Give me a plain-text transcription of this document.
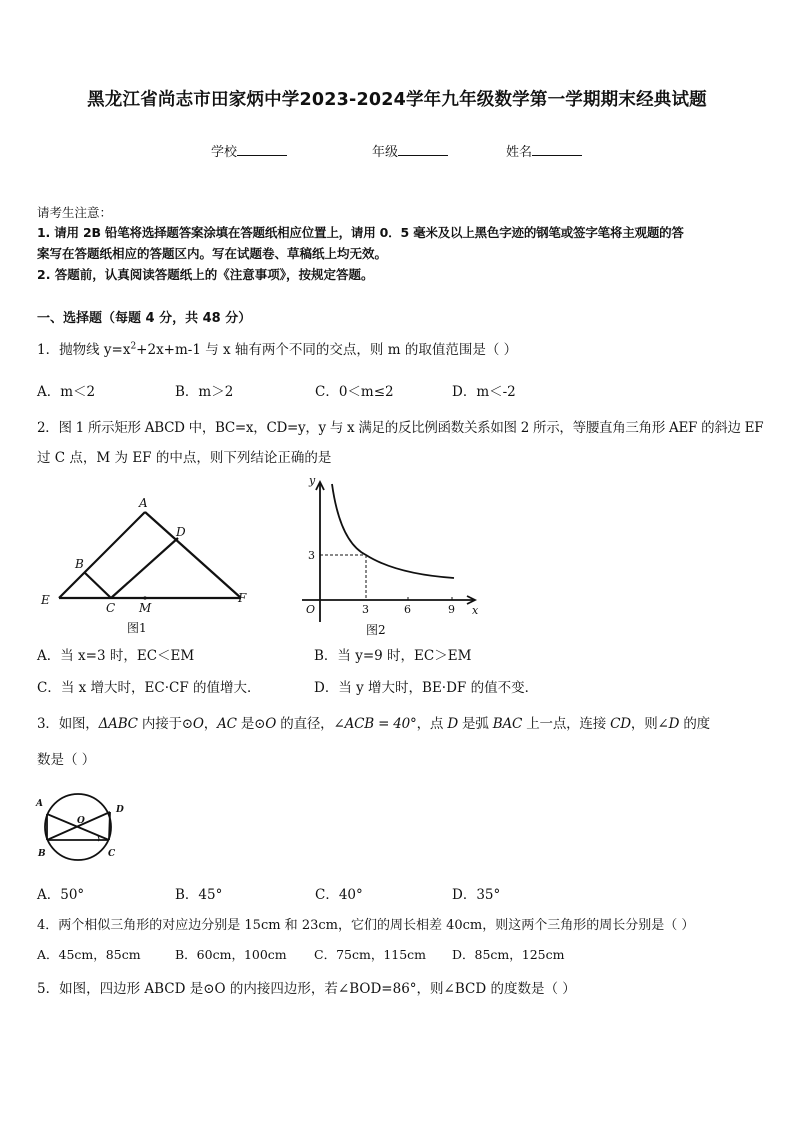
黑龙江省尚志市田家炳中学2023-2024学年九年级数学第一学期期末经典试题
学校	年级	姓名
请考生注意：
1. 请用 2B 铅笔将选择题答案涂填在答题纸相应位置上，请用 0．5 毫米及以上黑色字迹的钢笔或签字笔将主观题的答
案写在答题纸相应的答题区内。写在试题卷、草稿纸上均无效。
2. 答题前，认真阅读答题纸上的《注意事项》，按规定答题。
一、选择题（每题 4 分，共 48 分）
1．抛物线 $y=x^2+2x+m-1$ 与 x 轴有两个不同的交点，则 m 的取值范围是（ ）
A．m＜2	B．m＞2	C．0＜m≤2	D．m＜-2
2．图 1 所示矩形 ABCD 中，BC=x，CD=y，y 与 x 满足的反比例函数关系如图 2 所示，等腰直角三角形 AEF 的斜边 EF
过 C 点，M 为 EF 的中点，则下列结论正确的是
A
B
C
D
E	F
M
图1
y
x
O	3	6	9
3
图2
A．当 x=3 时，EC＜EM	B．当 y=9 时，EC＞EM
C．当 x 增大时，EC·CF 的值增大．	D．当 y 增大时，BE·DF 的值不变．
3．如图，ΔABC 内接于⊙O，AC 是⊙O 的直径，∠ACB = 40°，点 D 是弧 BAC 上一点，连接 CD，则∠D 的度
数是（ ）
A
B	C
D
O
A．50°	B．45°	C．40°	D．35°
4．两个相似三角形的对应边分别是 15cm 和 23cm，它们的周长相差 40cm，则这两个三角形的周长分别是（ ）
A．45cm，85cm	B．60cm，100cm C．75cm，115cm D．85cm，125cm
5．如图，四边形 ABCD 是⊙O 的内接四边形，若∠BOD=86°，则∠BCD 的度数是（ ）
